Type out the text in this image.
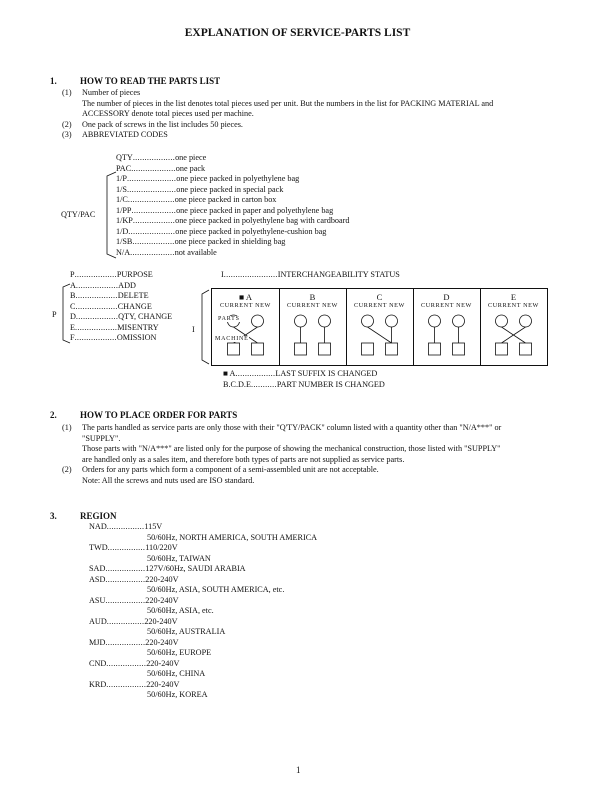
EXPLANATION OF SERVICE-PARTS LIST
1.	HOW TO READ THE PARTS LIST
(1) Number of pieces
The number of pieces in the list denotes total pieces used per unit. But the numbers in the list for PACKING MATERIAL and
ACCESSORY denote total pieces used per machine.
(2) One pack of screws in the list includes 50 pieces.
(3) ABBREVIATED CODES
QTY..................one piece
PAC...................one pack
1/P.....................one piece packed in polyethylene bag
1/S.....................one piece packed in special pack
1/C....................one piece packed in carton box
1/PP...................one piece packed in paper and polyethylene bag
1/KP..................one piece packed in polyethylene bag with cardboard
1/D....................one piece packed in polyethylene-cushion bag
1/SB..................one piece packed in shielding bag
N/A...................not available
QTY/PAC
P..................PURPOSE
A..................ADD
B..................DELETE
C..................CHANGE
D..................QTY, CHANGE
E..................MISENTRY
F..................OMISSION
P
I.......................INTERCHANGEABILITY STATUS
I
■ A
CURRENT NEW
B
CURRENT NEW
C
CURRENT NEW
D
CURRENT NEW
E
CURRENT NEW
PARTS
MACHINE
■ A.................LAST SUFFIX IS CHANGED
B.C.D.E...........PART NUMBER IS CHANGED
2.	HOW TO PLACE ORDER FOR PARTS
(1) The parts handled as service parts are only those with their "Q'TY/PACK" column listed with a quantity other than "N/A***" or
"SUPPLY".
Those parts with "N/A***" are listed only for the purpose of showing the mechanical construction, those listed with "SUPPLY"
are handled only as a sales item, and therefore both types of parts are not supplied as service parts.
(2) Orders for any parts which form a component of a semi-assembled unit are not acceptable.
Note: All the screws and nuts used are ISO standard.
3.	REGION
NAD................115V
50/60Hz, NORTH AMERICA, SOUTH AMERICA
TWD................110/220V
50/60Hz, TAIWAN
SAD.................127V/60Hz, SAUDI ARABIA
ASD.................220-240V
50/60Hz, ASIA, SOUTH AMERICA, etc.
ASU.................220-240V
50/60Hz, ASIA, etc.
AUD................220-240V
50/60Hz, AUSTRALIA
MJD.................220-240V
50/60Hz, EUROPE
CND.................220-240V
50/60Hz, CHINA
KRD.................220-240V
50/60Hz, KOREA
1
